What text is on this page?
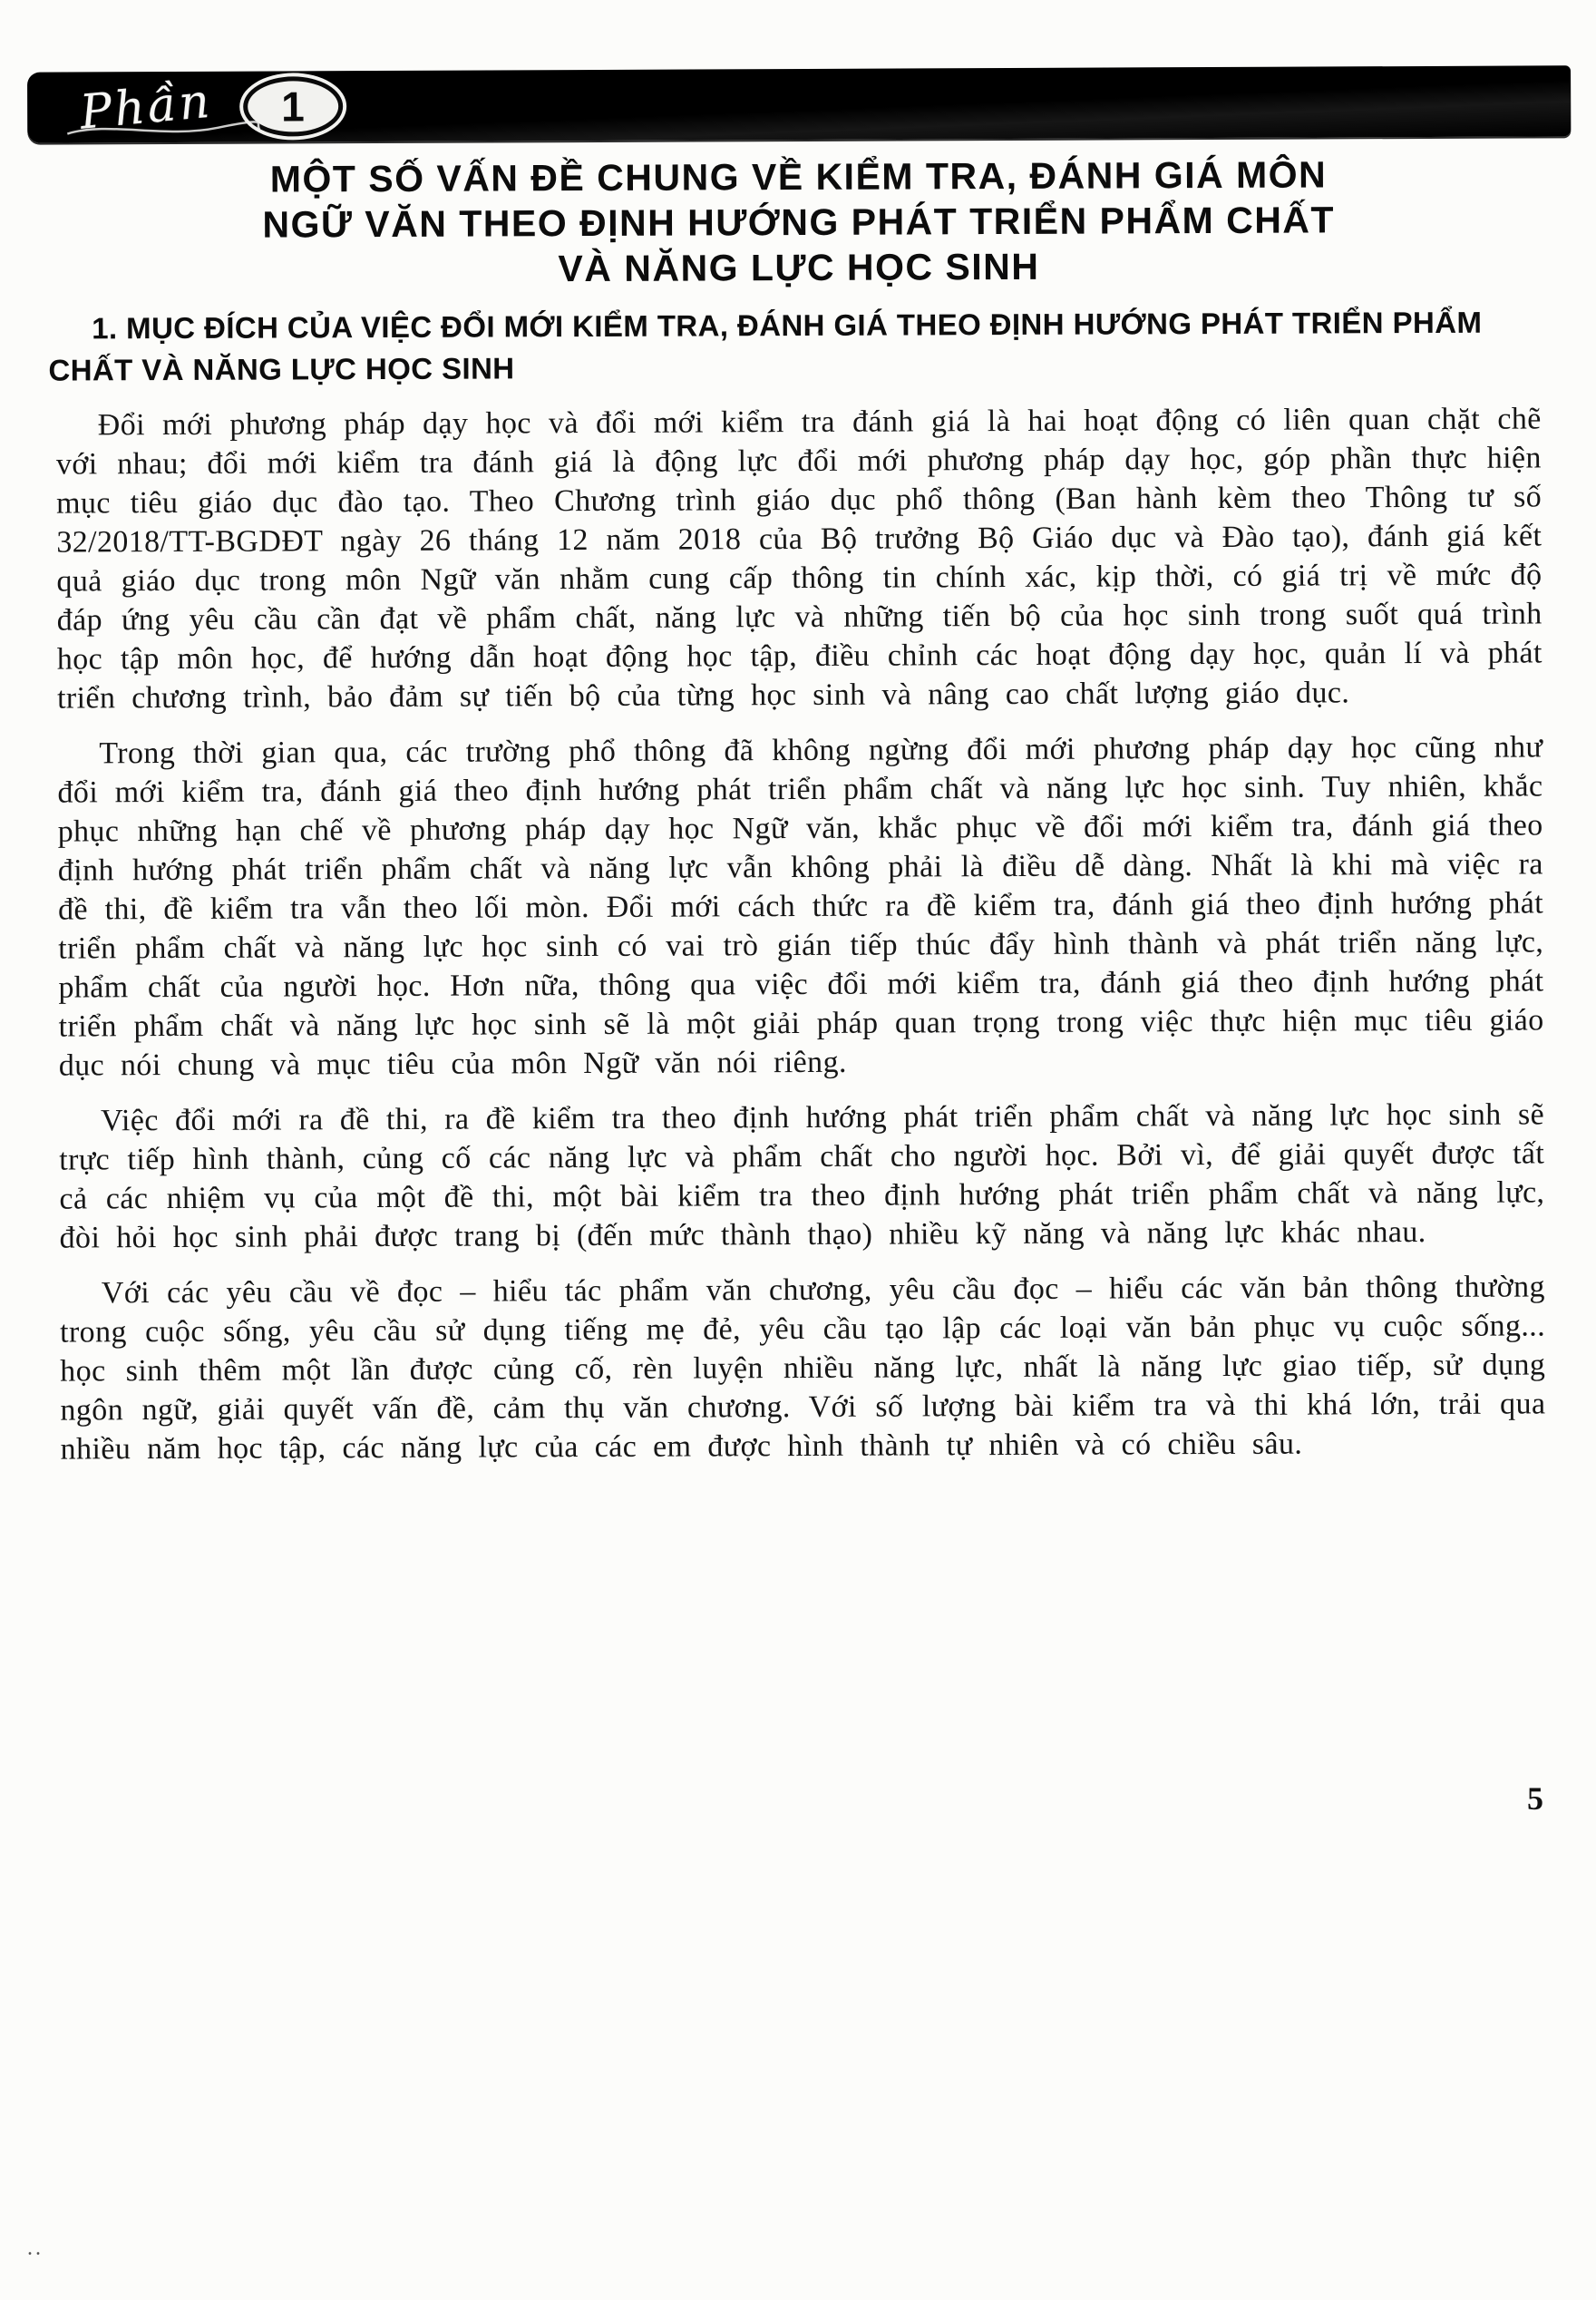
Phần 1
MỘT SỐ VẤN ĐỀ CHUNG VỀ KIỂM TRA, ĐÁNH GIÁ MÔN
NGỮ VĂN THEO ĐỊNH HƯỚNG PHÁT TRIỂN PHẨM CHẤT
VÀ NĂNG LỰC HỌC SINH
1. MỤC ĐÍCH CỦA VIỆC ĐỔI MỚI KIỂM TRA, ĐÁNH GIÁ THEO ĐỊNH HƯỚNG PHÁT TRIỂN PHẨM CHẤT VÀ NĂNG LỰC HỌC SINH

Đổi mới phương pháp dạy học và đổi mới kiểm tra đánh giá là hai hoạt động có liên quan chặt chẽ với nhau; đổi mới kiểm tra đánh giá là động lực đổi mới phương pháp dạy học, góp phần thực hiện mục tiêu giáo dục đào tạo. Theo Chương trình giáo dục phổ thông (Ban hành kèm theo Thông tư số 32/2018/TT-BGDĐT ngày 26 tháng 12 năm 2018 của Bộ trưởng Bộ Giáo dục và Đào tạo), đánh giá kết quả giáo dục trong môn Ngữ văn nhằm cung cấp thông tin chính xác, kịp thời, có giá trị về mức độ đáp ứng yêu cầu cần đạt về phẩm chất, năng lực và những tiến bộ của học sinh trong suốt quá trình học tập môn học, để hướng dẫn hoạt động học tập, điều chỉnh các hoạt động dạy học, quản lí và phát triển chương trình, bảo đảm sự tiến bộ của từng học sinh và nâng cao chất lượng giáo dục.

Trong thời gian qua, các trường phổ thông đã không ngừng đổi mới phương pháp dạy học cũng như đổi mới kiểm tra, đánh giá theo định hướng phát triển phẩm chất và năng lực học sinh. Tuy nhiên, khắc phục những hạn chế về phương pháp dạy học Ngữ văn, khắc phục về đổi mới kiểm tra, đánh giá theo định hướng phát triển phẩm chất và năng lực vẫn không phải là điều dễ dàng. Nhất là khi mà việc ra đề thi, đề kiểm tra vẫn theo lối mòn. Đổi mới cách thức ra đề kiểm tra, đánh giá theo định hướng phát triển phẩm chất và năng lực học sinh có vai trò gián tiếp thúc đẩy hình thành và phát triển năng lực, phẩm chất của người học. Hơn nữa, thông qua việc đổi mới kiểm tra, đánh giá theo định hướng phát triển phẩm chất và năng lực học sinh sẽ là một giải pháp quan trọng trong việc thực hiện mục tiêu giáo dục nói chung và mục tiêu của môn Ngữ văn nói riêng.

Việc đổi mới ra đề thi, ra đề kiểm tra theo định hướng phát triển phẩm chất và năng lực học sinh sẽ trực tiếp hình thành, củng cố các năng lực và phẩm chất cho người học. Bởi vì, để giải quyết được tất cả các nhiệm vụ của một đề thi, một bài kiểm tra theo định hướng phát triển phẩm chất và năng lực, đòi hỏi học sinh phải được trang bị (đến mức thành thạo) nhiều kỹ năng và năng lực khác nhau.

Với các yêu cầu về đọc – hiểu tác phẩm văn chương, yêu cầu đọc – hiểu các văn bản thông thường trong cuộc sống, yêu cầu sử dụng tiếng mẹ đẻ, yêu cầu tạo lập các loại văn bản phục vụ cuộc sống... học sinh thêm một lần được củng cố, rèn luyện nhiều năng lực, nhất là năng lực giao tiếp, sử dụng ngôn ngữ, giải quyết vấn đề, cảm thụ văn chương. Với số lượng bài kiểm tra và thi khá lớn, trải qua nhiều năm học tập, các năng lực của các em được hình thành tự nhiên và có chiều sâu.

5
..
